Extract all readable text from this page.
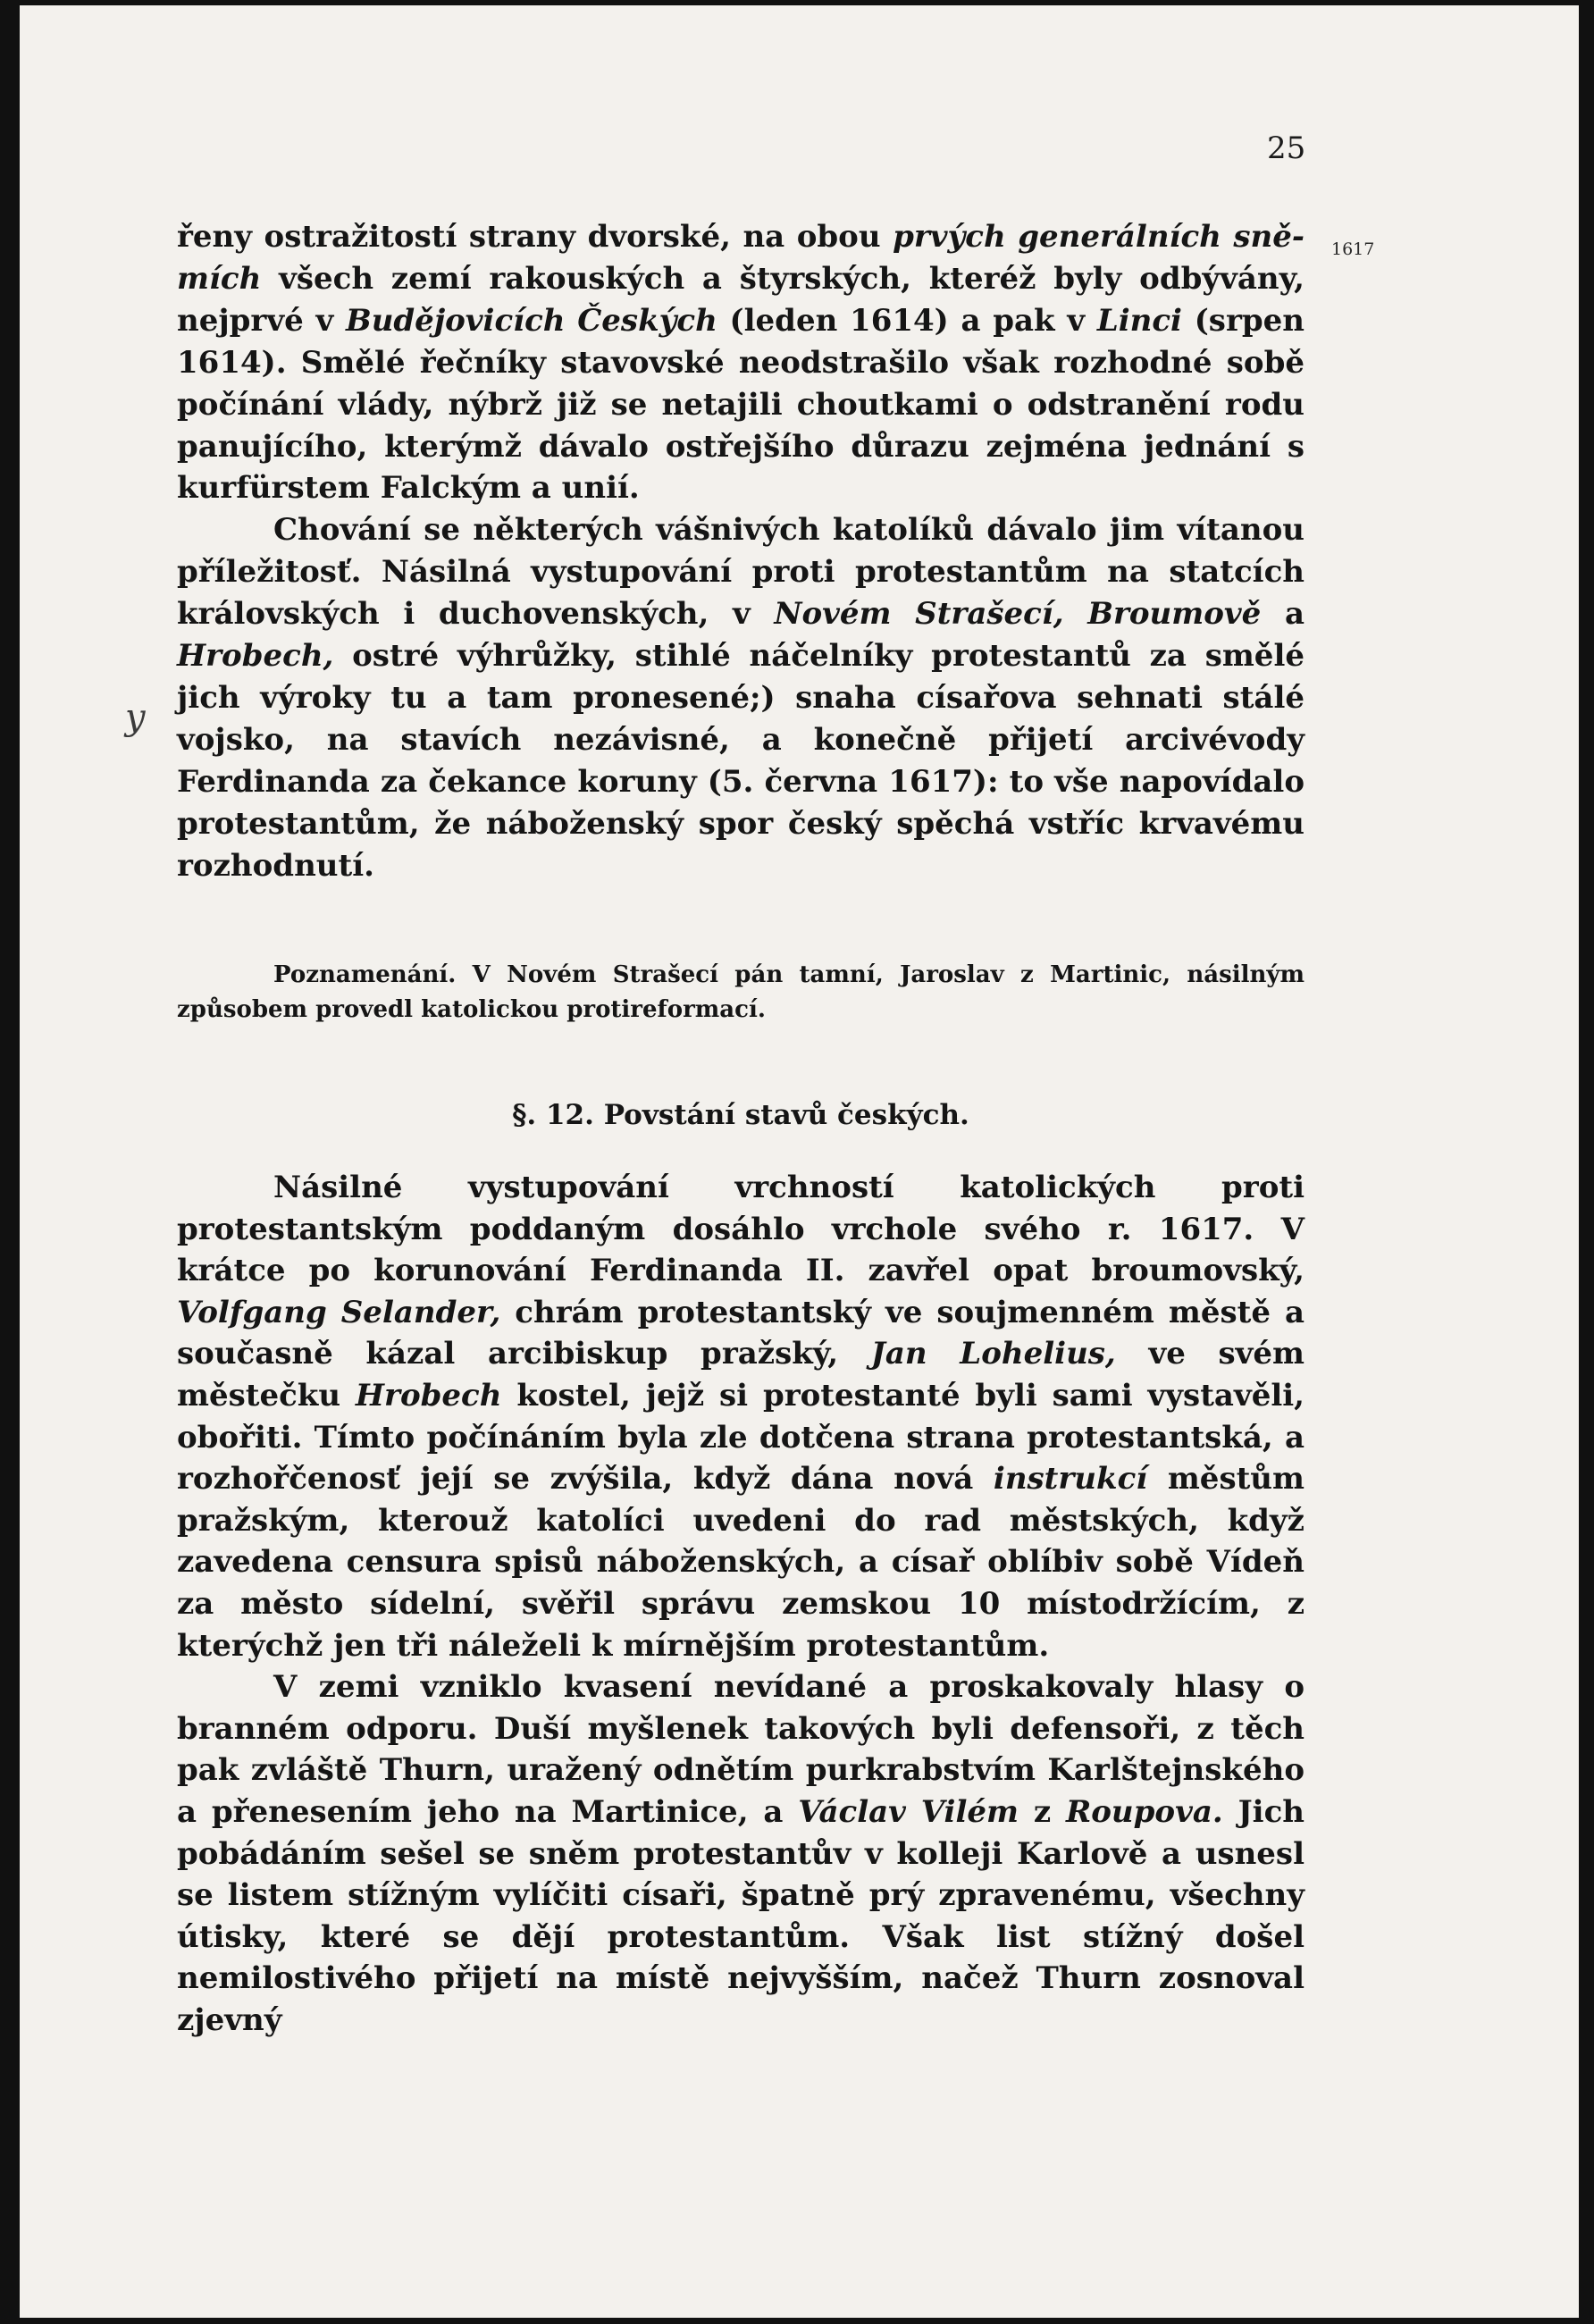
25
1617

řeny ostražitostí strany dvorské, na obou prvých generálních sně- mích všech zemí rakouských a štyrských, kteréž byly odbývány, nejprvé v Budějovicích Českých (leden 1614) a pak v Linci (srpen 1614). Smělé řečníky stavovské neodstrašilo však rozhodné sobě počínání vlády, nýbrž již se netajili choutkami o odstranění rodu panujícího, kterýmž dávalo ostřejšího důrazu zejména jednání s kurfürstem Falckým a unií.

Chování se některých vášnivých katolíků dávalo jim vítanou příležitosť. Násilná vystupování proti protestantům na statcích královských i duchovenských, v Novém Strašecí, Broumově a Hrobech, ostré výhrůžky, stihlé náčelníky protestantů za smělé jich výroky tu a tam pronesené;) snaha císařova sehnati stálé vojsko, na stavích nezávisné, a konečně přijetí arcivévody Ferdinanda za čekance koruny (5. června 1617): to vše napovídalo protestantům, že náboženský spor český spěchá vstříc krvavému rozhodnutí.

Poznamenání. V Novém Strašecí pán tamní, Jaroslav z Martinic, násilným způsobem provedl katolickou protireformací.

§. 12. Povstání stavů českých.

Násilné vystupování vrchností katolických proti protestantským poddaným dosáhlo vrchole svého r. 1617. V krátce po korunování Ferdinanda II. zavřel opat broumovský, Volfgang Selander, chrám protestantský ve soujmenném městě a současně kázal arcibiskup pražský, Jan Lohelius, ve svém městečku Hrobech kostel, jejž si protestanté byli sami vystavěli, obořiti. Tímto počínáním byla zle dotčena strana protestantská, a rozhořčenosť její se zvýšila, když dána nová instrukcí městům pražským, kterouž katolíci uvedeni do rad městských, když zavedena censura spisů náboženských, a císař oblíbiv sobě Vídeň za město sídelní, svěřil správu zemskou 10 místodržícím, z kterýchž jen tři náleželi k mírnějším protestantům.

V zemi vzniklo kvasení nevídané a proskakovaly hlasy o branném odporu. Duší myšlenek takových byli defensoři, z těch pak zvláště Thurn, uražený odnětím purkrabstvím Karlštejnského a přenesením jeho na Martinice, a Václav Vilém z Roupova. Jich pobádáním sešel se sněm protestantův v kolleji Karlově a usnesl se listem stížným vylíčiti císaři, špatně prý zpravenému, všechny útisky, které se dějí protestantům. Však list stížný došel nemilostivého přijetí na místě nejvyšším, načež Thurn zosnoval zjevný

y
